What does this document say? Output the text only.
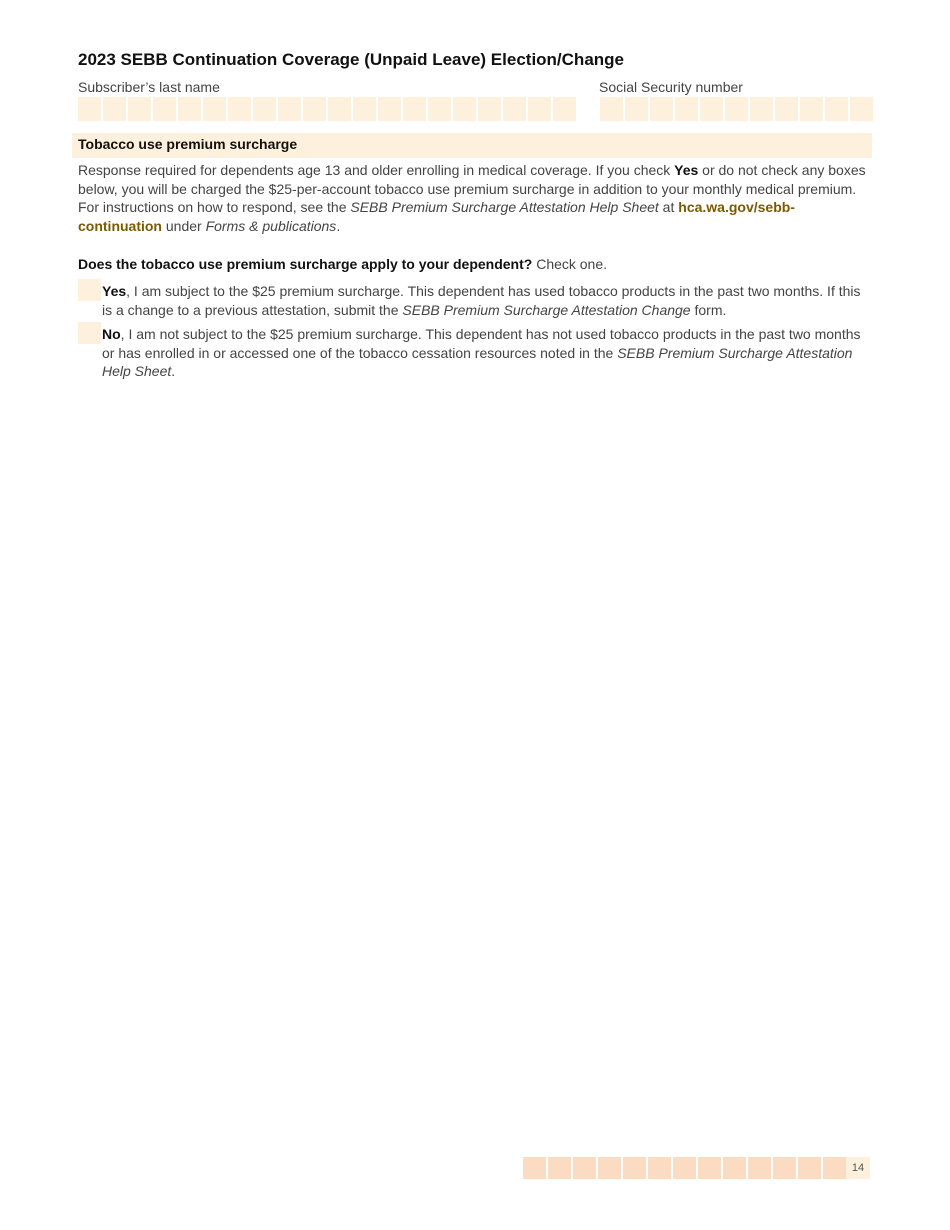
2023 SEBB Continuation Coverage (Unpaid Leave) Election/Change
Subscriber’s last name	Social Security number
Tobacco use premium surcharge
Response required for dependents age 13 and older enrolling in medical coverage. If you check Yes or do not check any boxes below, you will be charged the $25-per-account tobacco use premium surcharge in addition to your monthly medical premium. For instructions on how to respond, see the SEBB Premium Surcharge Attestation Help Sheet at hca.wa.gov/sebb-continuation under Forms & publications.
Does the tobacco use premium surcharge apply to your dependent? Check one.
Yes, I am subject to the $25 premium surcharge. This dependent has used tobacco products in the past two months. If this is a change to a previous attestation, submit the SEBB Premium Surcharge Attestation Change form.
No, I am not subject to the $25 premium surcharge. This dependent has not used tobacco products in the past two months or has enrolled in or accessed one of the tobacco cessation resources noted in the SEBB Premium Surcharge Attestation Help Sheet.
14
